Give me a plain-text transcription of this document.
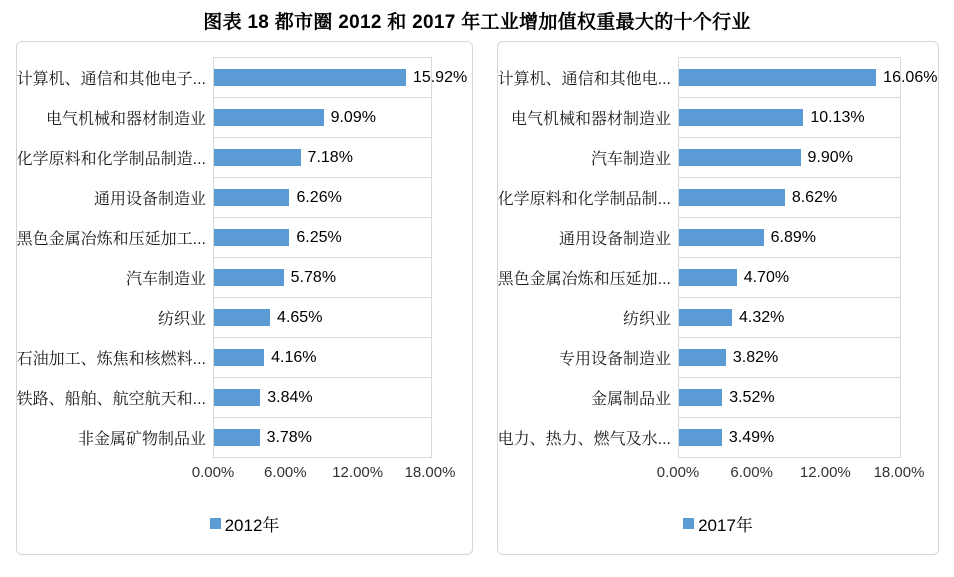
图表 18 都市圈 2012 和 2017 年工业增加值权重最大的十个行业
计算机、通信和其他电子...
电气机械和器材制造业
化学原料和化学制品制造...
通用设备制造业
黑色金属冶炼和压延加工...
汽车制造业
纺织业
石油加工、炼焦和核燃料...
铁路、船舶、航空航天和...
非金属矿物制品业
15.92%
9.09%
7.18%
6.26%
6.25%
5.78%
4.65%
4.16%
3.84%
3.78%
0.00% 6.00% 12.00% 18.00%
2012年
计算机、通信和其他电...
电气机械和器材制造业
汽车制造业
化学原料和化学制品制...
通用设备制造业
黑色金属冶炼和压延加...
纺织业
专用设备制造业
金属制品业
电力、热力、燃气及水...
16.06%
10.13%
9.90%
8.62%
6.89%
4.70%
4.32%
3.82%
3.52%
3.49%
0.00% 6.00% 12.00% 18.00%
2017年
